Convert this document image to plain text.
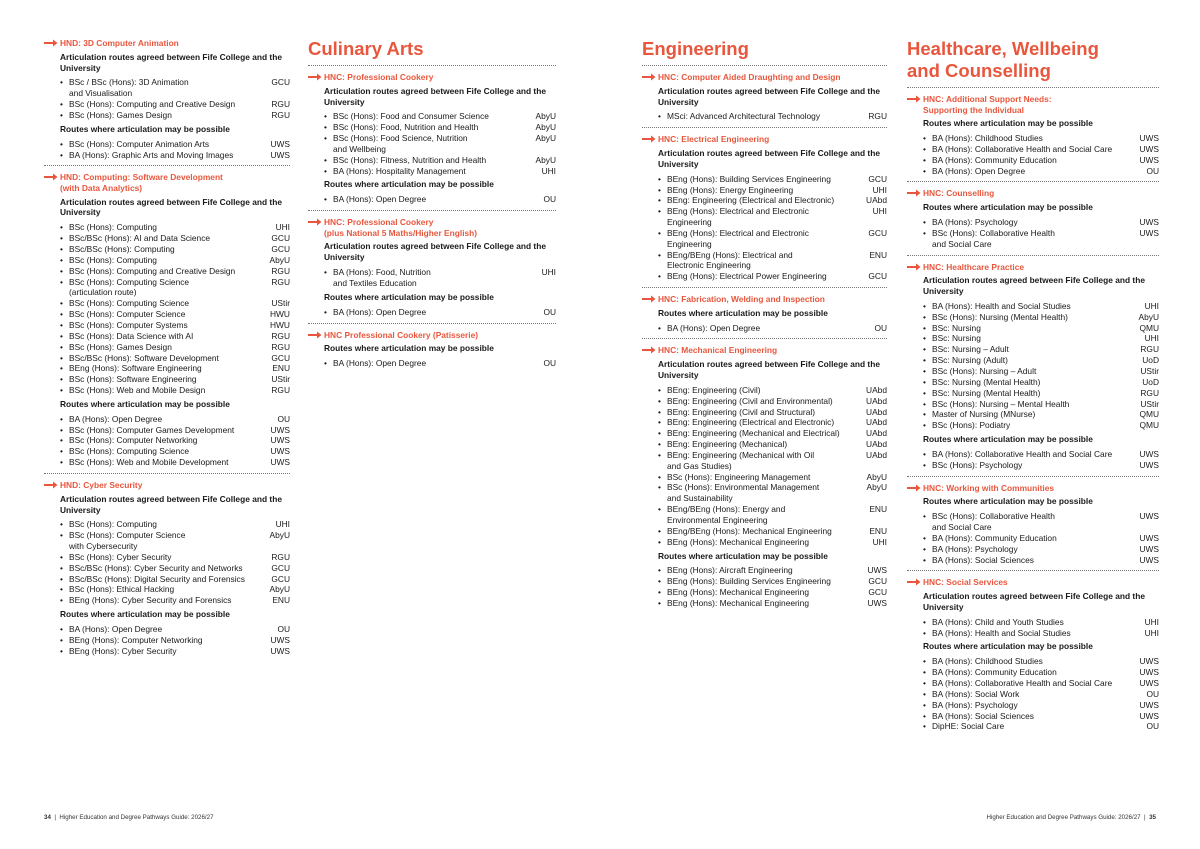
HND: 3D Computer Animation
Articulation routes agreed between Fife College and the University
• BSc / BSc (Hons): 3D Animation
and Visualisation
GCU
• BSc (Hons): Computing and Creative Design	RGU
• BSc (Hons): Games Design	RGU
Routes where articulation may be possible
• BSc (Hons): Computer Animation Arts	UWS
• BA (Hons): Graphic Arts and Moving Images	UWS
HND: Computing: Software Development
(with Data Analytics)
Articulation routes agreed between Fife College and the University
• BSc (Hons): Computing	UHI
• BSc/BSc (Hons): AI and Data Science	GCU
• BSc/BSc (Hons): Computing	GCU
• BSc (Hons): Computing	AbyU
• BSc (Hons): Computing and Creative Design	RGU
• BSc (Hons): Computing Science
(articulation route)
RGU
• BSc (Hons): Computing Science	UStir
• BSc (Hons): Computer Science	HWU
• BSc (Hons): Computer Systems	HWU
• BSc (Hons): Data Science with AI	RGU
• BSc (Hons): Games Design	RGU
• BSc/BSc (Hons): Software Development	GCU
• BEng (Hons): Software Engineering	ENU
• BSc (Hons): Software Engineering	UStir
• BSc (Hons): Web and Mobile Design	RGU
Routes where articulation may be possible
• BA (Hons): Open Degree	OU
• BSc (Hons): Computer Games Development	UWS
• BSc (Hons): Computer Networking	UWS
• BSc (Hons): Computing Science	UWS
• BSc (Hons): Web and Mobile Development	UWS
HND: Cyber Security
Articulation routes agreed between Fife College and the University
• BSc (Hons): Computing	UHI
• BSc (Hons): Computer Science
with Cybersecurity
AbyU
• BSc (Hons): Cyber Security	RGU
• BSc/BSc (Hons): Cyber Security and Networks	GCU
• BSc/BSc (Hons): Digital Security and Forensics	GCU
• BSc (Hons): Ethical Hacking	AbyU
• BEng (Hons): Cyber Security and Forensics	ENU
Routes where articulation may be possible
• BA (Hons): Open Degree	OU
• BEng (Hons): Computer Networking	UWS
• BEng (Hons): Cyber Security	UWS
Culinary Arts
HNC: Professional Cookery
Articulation routes agreed between Fife College and the University
• BSc (Hons): Food and Consumer Science	AbyU
• BSc (Hons): Food, Nutrition and Health	AbyU
• BSc (Hons): Food Science, Nutrition
and Wellbeing
AbyU
• BSc (Hons): Fitness, Nutrition and Health	AbyU
• BA (Hons): Hospitality Management	UHI
Routes where articulation may be possible
• BA (Hons): Open Degree	OU
HNC: Professional Cookery
(plus National 5 Maths/Higher English)
Articulation routes agreed between Fife College and the University
• BA (Hons): Food, Nutrition
and Textiles Education
UHI
Routes where articulation may be possible
• BA (Hons): Open Degree	OU
HNC Professional Cookery (Patisserie)
Routes where articulation may be possible
• BA (Hons): Open Degree	OU
Engineering
HNC: Computer Aided Draughting and Design
Articulation routes agreed between Fife College and the University
• MSci: Advanced Architectural Technology	RGU
HNC: Electrical Engineering
Articulation routes agreed between Fife College and the University
• BEng (Hons): Building Services Engineering	GCU
• BEng (Hons): Energy Engineering	UHI
• BEng: Engineering (Electrical and Electronic)	UAbd
• BEng (Hons): Electrical and Electronic
Engineering
UHI
• BEng (Hons): Electrical and Electronic
Engineering
GCU
• BEng/BEng (Hons): Electrical and
Electronic Engineering
ENU
• BEng (Hons): Electrical Power Engineering	GCU
HNC: Fabrication, Welding and Inspection
Routes where articulation may be possible
• BA (Hons): Open Degree	OU
HNC: Mechanical Engineering
Articulation routes agreed between Fife College and the University
• BEng: Engineering (Civil)	UAbd
• BEng: Engineering (Civil and Environmental)	UAbd
• BEng: Engineering (Civil and Structural)	UAbd
• BEng: Engineering (Electrical and Electronic)	UAbd
• BEng: Engineering (Mechanical and Electrical)	UAbd
• BEng: Engineering (Mechanical)	UAbd
• BEng: Engineering (Mechanical with Oil
and Gas Studies)
UAbd
• BSc (Hons): Engineering Management	AbyU
• BSc (Hons): Environmental Management
and Sustainability
AbyU
• BEng/BEng (Hons): Energy and
Environmental Engineering
ENU
• BEng/BEng (Hons): Mechanical Engineering	ENU
• BEng (Hons): Mechanical Engineering	UHI
Routes where articulation may be possible
• BEng (Hons): Aircraft Engineering	UWS
• BEng (Hons): Building Services Engineering	GCU
• BEng (Hons): Mechanical Engineering	GCU
• BEng (Hons): Mechanical Engineering	UWS
Healthcare, Wellbeing
and Counselling
HNC: Additional Support Needs:
Supporting the Individual
Routes where articulation may be possible
• BA (Hons): Childhood Studies	UWS
• BA (Hons): Collaborative Health and Social Care	UWS
• BA (Hons): Community Education	UWS
• BA (Hons): Open Degree	OU
HNC: Counselling
Routes where articulation may be possible
• BA (Hons): Psychology	UWS
• BSc (Hons): Collaborative Health
and Social Care
UWS
HNC: Healthcare Practice
Articulation routes agreed between Fife College and the University
• BA (Hons): Health and Social Studies	UHI
• BSc (Hons): Nursing (Mental Health)	AbyU
• BSc: Nursing	QMU
• BSc: Nursing	UHI
• BSc: Nursing – Adult	RGU
• BSc: Nursing (Adult)	UoD
• BSc (Hons): Nursing – Adult	UStir
• BSc: Nursing (Mental Health)	UoD
• BSc: Nursing (Mental Health)	RGU
• BSc (Hons): Nursing – Mental Health	UStir
• Master of Nursing (MNurse)	QMU
• BSc (Hons): Podiatry	QMU
Routes where articulation may be possible
• BA (Hons): Collaborative Health and Social Care	UWS
• BSc (Hons): Psychology	UWS
HNC: Working with Communities
Routes where articulation may be possible
• BSc (Hons): Collaborative Health
and Social Care
UWS
• BA (Hons): Community Education	UWS
• BA (Hons): Psychology	UWS
• BA (Hons): Social Sciences	UWS
HNC: Social Services
Articulation routes agreed between Fife College and the University
• BA (Hons): Child and Youth Studies	UHI
• BA (Hons): Health and Social Studies	UHI
Routes where articulation may be possible
• BA (Hons): Childhood Studies	UWS
• BA (Hons): Community Education	UWS
• BA (Hons): Collaborative Health and Social Care	UWS
• BA (Hons): Social Work	OU
• BA (Hons): Psychology	UWS
• BA (Hons): Social Sciences	UWS
• DipHE: Social Care	OU
34 | Higher Education and Degree Pathways Guide: 2026/27	Higher Education and Degree Pathways Guide: 2026/27 | 35
